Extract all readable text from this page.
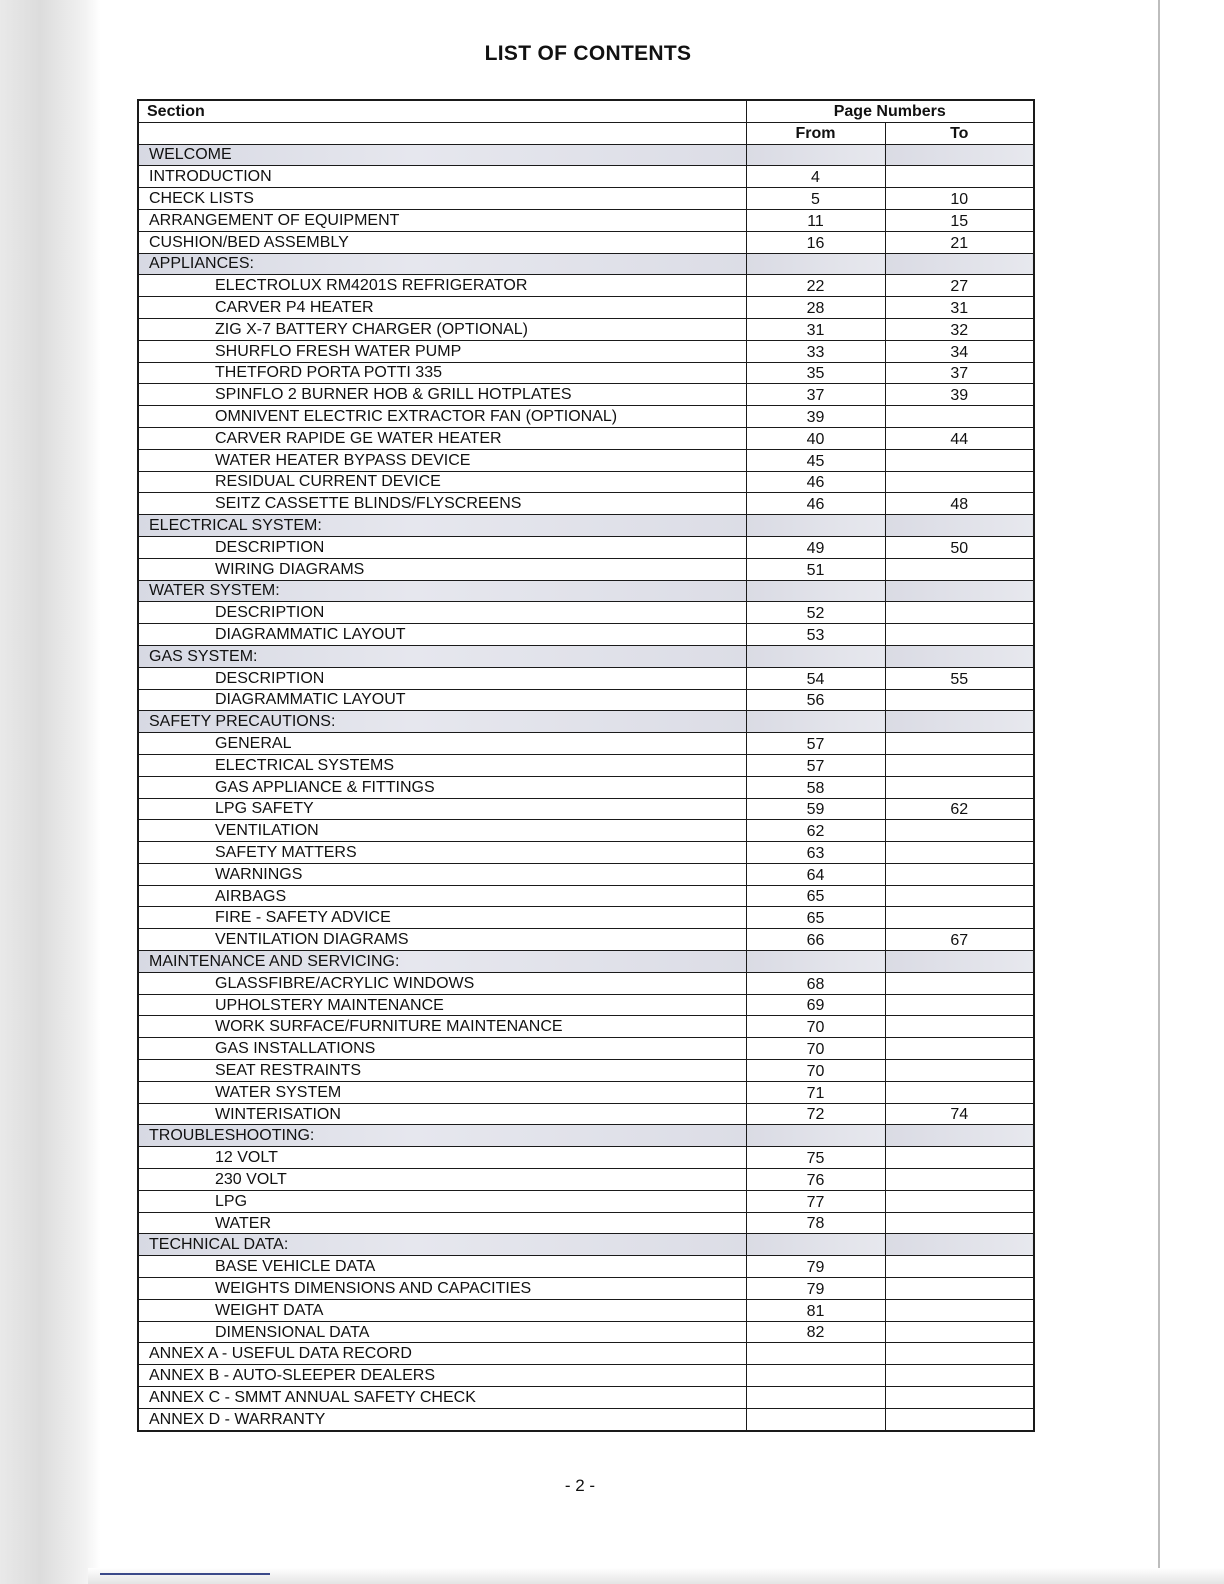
LIST OF CONTENTS
Section	Page Numbers	
	From	To
WELCOME		
INTRODUCTION	4	
CHECK LISTS	5	10
ARRANGEMENT OF EQUIPMENT	11	15
CUSHION/BED ASSEMBLY	16	21
APPLIANCES:		
ELECTROLUX RM4201S REFRIGERATOR	22	27
CARVER P4 HEATER	28	31
ZIG X-7 BATTERY CHARGER (OPTIONAL)	31	32
SHURFLO FRESH WATER PUMP	33	34
THETFORD PORTA POTTI 335	35	37
SPINFLO 2 BURNER HOB & GRILL HOTPLATES	37	39
OMNIVENT ELECTRIC EXTRACTOR FAN (OPTIONAL)	39	
CARVER RAPIDE GE WATER HEATER	40	44
WATER HEATER BYPASS DEVICE	45	
RESIDUAL CURRENT DEVICE	46	
SEITZ CASSETTE BLINDS/FLYSCREENS	46	48
ELECTRICAL SYSTEM:		
DESCRIPTION	49	50
WIRING DIAGRAMS	51	
WATER SYSTEM:		
DESCRIPTION	52	
DIAGRAMMATIC LAYOUT	53	
GAS SYSTEM:		
DESCRIPTION	54	55
DIAGRAMMATIC LAYOUT	56	
SAFETY PRECAUTIONS:		
GENERAL	57	
ELECTRICAL SYSTEMS	57	
GAS APPLIANCE & FITTINGS	58	
LPG SAFETY	59	62
VENTILATION	62	
SAFETY MATTERS	63	
WARNINGS	64	
AIRBAGS	65	
FIRE - SAFETY ADVICE	65	
VENTILATION DIAGRAMS	66	67
MAINTENANCE AND SERVICING:		
GLASSFIBRE/ACRYLIC WINDOWS	68	
UPHOLSTERY MAINTENANCE	69	
WORK SURFACE/FURNITURE MAINTENANCE	70	
GAS INSTALLATIONS	70	
SEAT RESTRAINTS	70	
WATER SYSTEM	71	
WINTERISATION	72	74
TROUBLESHOOTING:		
12 VOLT	75	
230 VOLT	76	
LPG	77	
WATER	78	
TECHNICAL DATA:		
BASE VEHICLE DATA	79	
WEIGHTS DIMENSIONS AND CAPACITIES	79	
WEIGHT DATA	81	
DIMENSIONAL DATA	82	
ANNEX A - USEFUL DATA RECORD		
ANNEX B - AUTO-SLEEPER DEALERS		
ANNEX C - SMMT ANNUAL SAFETY CHECK		
ANNEX D - WARRANTY		
- 2 -
